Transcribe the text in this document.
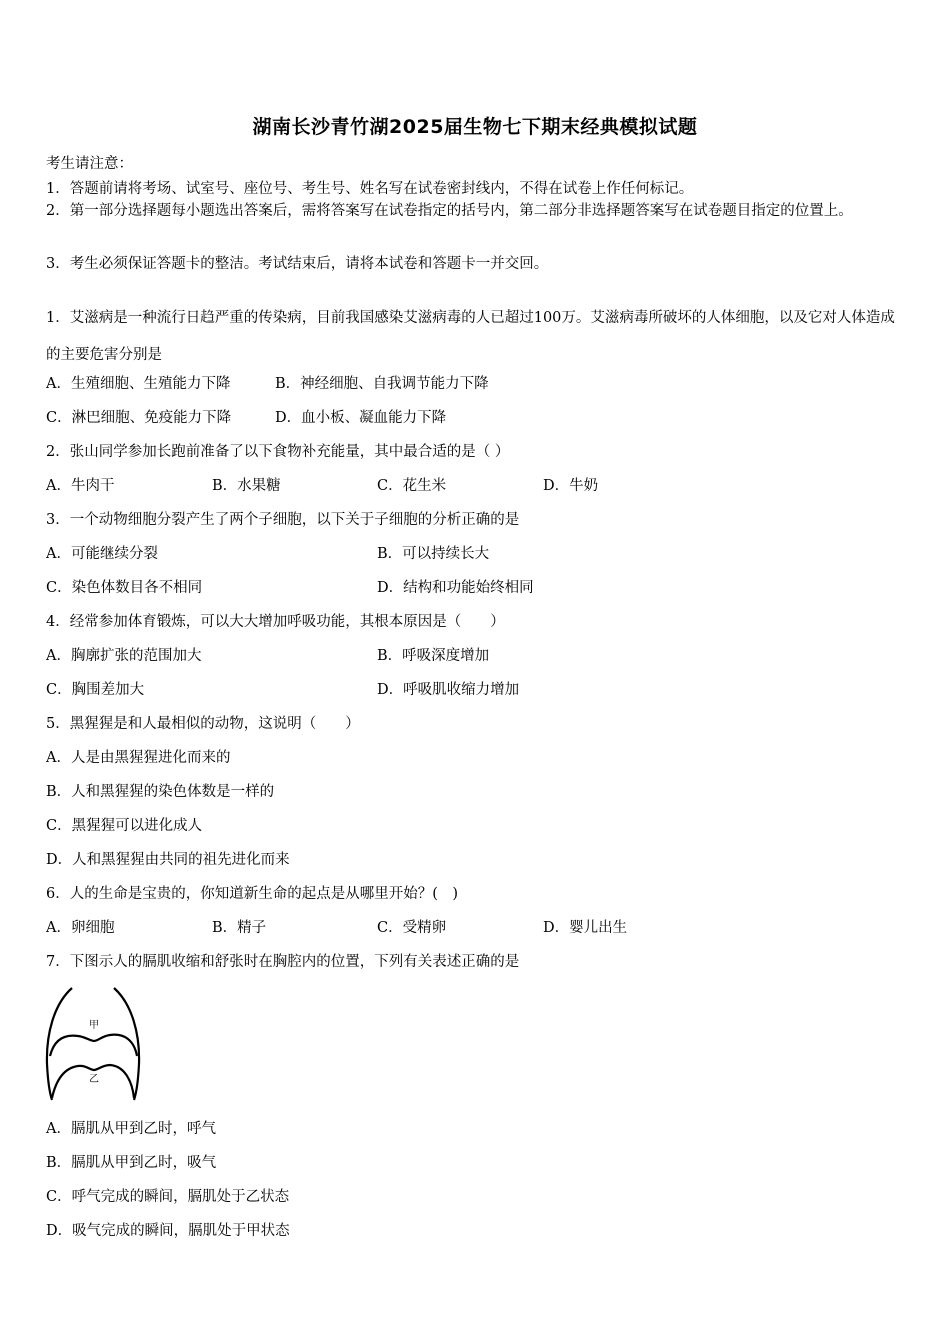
湖南长沙青竹湖2025届生物七下期末经典模拟试题
考生请注意：
1．答题前请将考场、试室号、座位号、考生号、姓名写在试卷密封线内，不得在试卷上作任何标记。
2．第一部分选择题每小题选出答案后，需将答案写在试卷指定的括号内，第二部分非选择题答案写在试卷题目指定的位置上。
3．考生必须保证答题卡的整洁。考试结束后，请将本试卷和答题卡一并交回。
1．艾滋病是一种流行日趋严重的传染病，目前我国感染艾滋病毒的人已超过100万。艾滋病毒所破坏的人体细胞，以及它对人体造成的主要危害分别是
A．生殖细胞、生殖能力下降	B．神经细胞、自我调节能力下降
C．淋巴细胞、免疫能力下降	D．血小板、凝血能力下降
2．张山同学参加长跑前准备了以下食物补充能量，其中最合适的是（ ）
A．牛肉干	B．水果糖	C．花生米	D．牛奶
3．一个动物细胞分裂产生了两个子细胞，以下关于子细胞的分析正确的是
A．可能继续分裂	B．可以持续长大
C．染色体数目各不相同	D．结构和功能始终相同
4．经常参加体育锻炼，可以大大增加呼吸功能，其根本原因是（　　）
A．胸廓扩张的范围加大	B．呼吸深度增加
C．胸围差加大	D．呼吸肌收缩力增加
5．黑猩猩是和人最相似的动物，这说明（　　）
A．人是由黑猩猩进化而来的
B．人和黑猩猩的染色体数是一样的
C．黑猩猩可以进化成人
D．人和黑猩猩由共同的祖先进化而来
6．人的生命是宝贵的，你知道新生命的起点是从哪里开始？(　)
A．卵细胞	B．精子	C．受精卵	D．婴儿出生
7．下图示人的膈肌收缩和舒张时在胸腔内的位置，下列有关表述正确的是
甲
乙
A．膈肌从甲到乙时，呼气
B．膈肌从甲到乙时，吸气
C．呼气完成的瞬间，膈肌处于乙状态
D．吸气完成的瞬间，膈肌处于甲状态
